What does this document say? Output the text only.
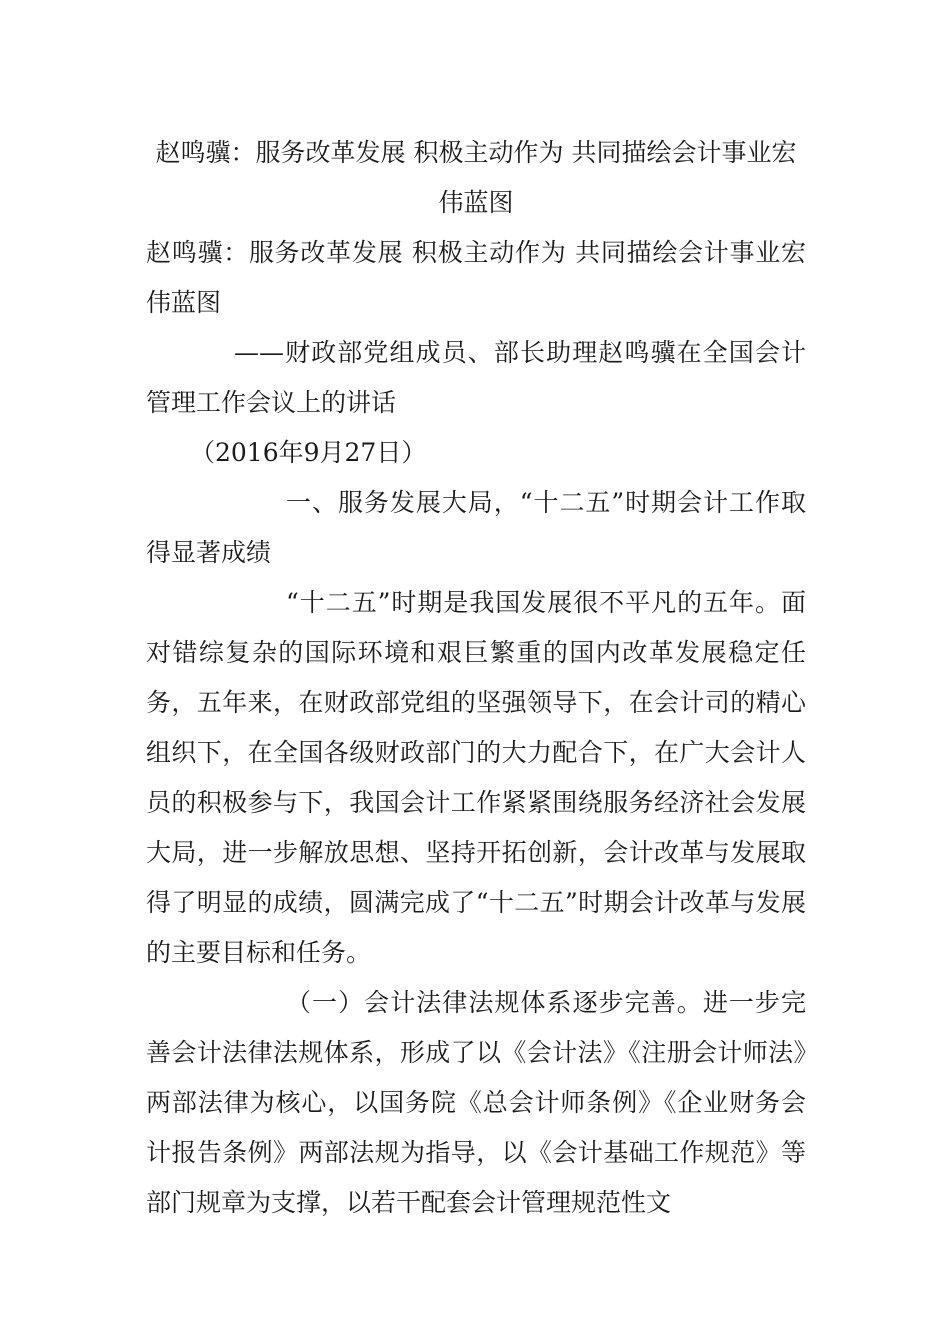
赵鸣骥：服务改革发展 积极主动作为 共同描绘会计事业宏伟蓝图
赵鸣骥：服务改革发展 积极主动作为 共同描绘会计事业宏伟蓝图
——财政部党组成员、部长助理赵鸣骥在全国会计管理工作会议上的讲话
（2016年9月27日）
一、服务发展大局，“十二五”时期会计工作取得显著成绩
“十二五”时期是我国发展很不平凡的五年。面对错综复杂的国际环境和艰巨繁重的国内改革发展稳定任务，五年来，在财政部党组的坚强领导下，在会计司的精心组织下，在全国各级财政部门的大力配合下，在广大会计人员的积极参与下，我国会计工作紧紧围绕服务经济社会发展大局，进一步解放思想、坚持开拓创新，会计改革与发展取得了明显的成绩，圆满完成了“十二五”时期会计改革与发展的主要目标和任务。
（一）会计法律法规体系逐步完善。进一步完善会计法律法规体系，形成了以《会计法》《注册会计师法》两部法律为核心，以国务院《总会计师条例》《企业财务会计报告条例》两部法规为指导，以《会计基础工作规范》等部门规章为支撑，以若干配套会计管理规范性文
